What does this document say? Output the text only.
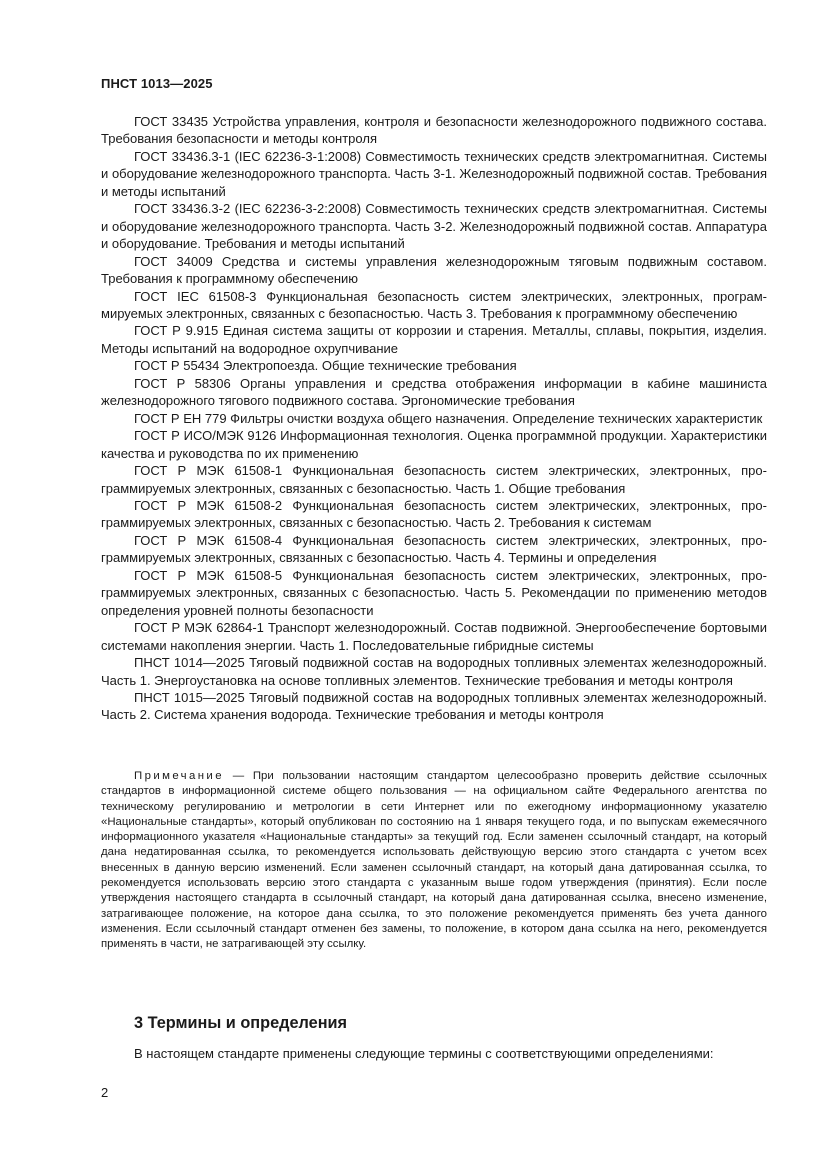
ПНСТ 1013—2025

ГОСТ 33435 Устройства управления, контроля и безопасности железнодорожного подвижного состава. Требования безопасности и методы контроля

ГОСТ 33436.3-1 (IEC 62236-3-1:2008) Совместимость технических средств электромагнитная. Системы и оборудование железнодорожного транспорта. Часть 3-1. Железнодорожный подвижной состав. Требования и методы испытаний

ГОСТ 33436.3-2 (IEC 62236-3-2:2008) Совместимость технических средств электромагнитная. Системы и оборудование железнодорожного транспорта. Часть 3-2. Железнодорожный подвижной состав. Аппаратура и оборудование. Требования и методы испытаний

ГОСТ 34009 Средства и системы управления железнодорожным тяговым подвижным составом. Требования к программному обеспечению

ГОСТ IEC 61508-3 Функциональная безопасность систем электрических, электронных, программируемых электронных, связанных с безопасностью. Часть 3. Требования к программному обеспечению

ГОСТ Р 9.915 Единая система защиты от коррозии и старения. Металлы, сплавы, покрытия, изделия. Методы испытаний на водородное охрупчивание

ГОСТ Р 55434 Электропоезда. Общие технические требования

ГОСТ Р 58306 Органы управления и средства отображения информации в кабине машиниста железнодорожного тягового подвижного состава. Эргономические требования

ГОСТ Р ЕН 779 Фильтры очистки воздуха общего назначения. Определение технических характеристик

ГОСТ Р ИСО/МЭК 9126 Информационная технология. Оценка программной продукции. Характеристики качества и руководства по их применению

ГОСТ Р МЭК 61508-1 Функциональная безопасность систем электрических, электронных, программируемых электронных, связанных с безопасностью. Часть 1. Общие требования

ГОСТ Р МЭК 61508-2 Функциональная безопасность систем электрических, электронных, программируемых электронных, связанных с безопасностью. Часть 2. Требования к системам

ГОСТ Р МЭК 61508-4 Функциональная безопасность систем электрических, электронных, программируемых электронных, связанных с безопасностью. Часть 4. Термины и определения

ГОСТ Р МЭК 61508-5 Функциональная безопасность систем электрических, электронных, программируемых электронных, связанных с безопасностью. Часть 5. Рекомендации по применению методов определения уровней полноты безопасности

ГОСТ Р МЭК 62864-1 Транспорт железнодорожный. Состав подвижной. Энергообеспечение бортовыми системами накопления энергии. Часть 1. Последовательные гибридные системы

ПНСТ 1014—2025 Тяговый подвижной состав на водородных топливных элементах железнодорожный. Часть 1. Энергоустановка на основе топливных элементов. Технические требования и методы контроля

ПНСТ 1015—2025 Тяговый подвижной состав на водородных топливных элементах железнодорожный. Часть 2. Система хранения водорода. Технические требования и методы контроля

Примечание — При пользовании настоящим стандартом целесообразно проверить действие ссылочных стандартов в информационной системе общего пользования — на официальном сайте Федерального агентства по техническому регулированию и метрологии в сети Интернет или по ежегодному информационному указателю «Национальные стандарты», который опубликован по состоянию на 1 января текущего года, и по выпускам ежемесячного информационного указателя «Национальные стандарты» за текущий год. Если заменен ссылочный стандарт, на который дана недатированная ссылка, то рекомендуется использовать действующую версию этого стандарта с учетом всех внесенных в данную версию изменений. Если заменен ссылочный стандарт, на который дана датированная ссылка, то рекомендуется использовать версию этого стандарта с указанным выше годом утверждения (принятия). Если после утверждения настоящего стандарта в ссылочный стандарт, на который дана датированная ссылка, внесено изменение, затрагивающее положение, на которое дана ссылка, то это положение рекомендуется применять без учета данного изменения. Если ссылочный стандарт отменен без замены, то положение, в котором дана ссылка на него, рекомендуется применять в части, не затрагивающей эту ссылку.

3 Термины и определения
В настоящем стандарте применены следующие термины с соответствующими определениями:
2
